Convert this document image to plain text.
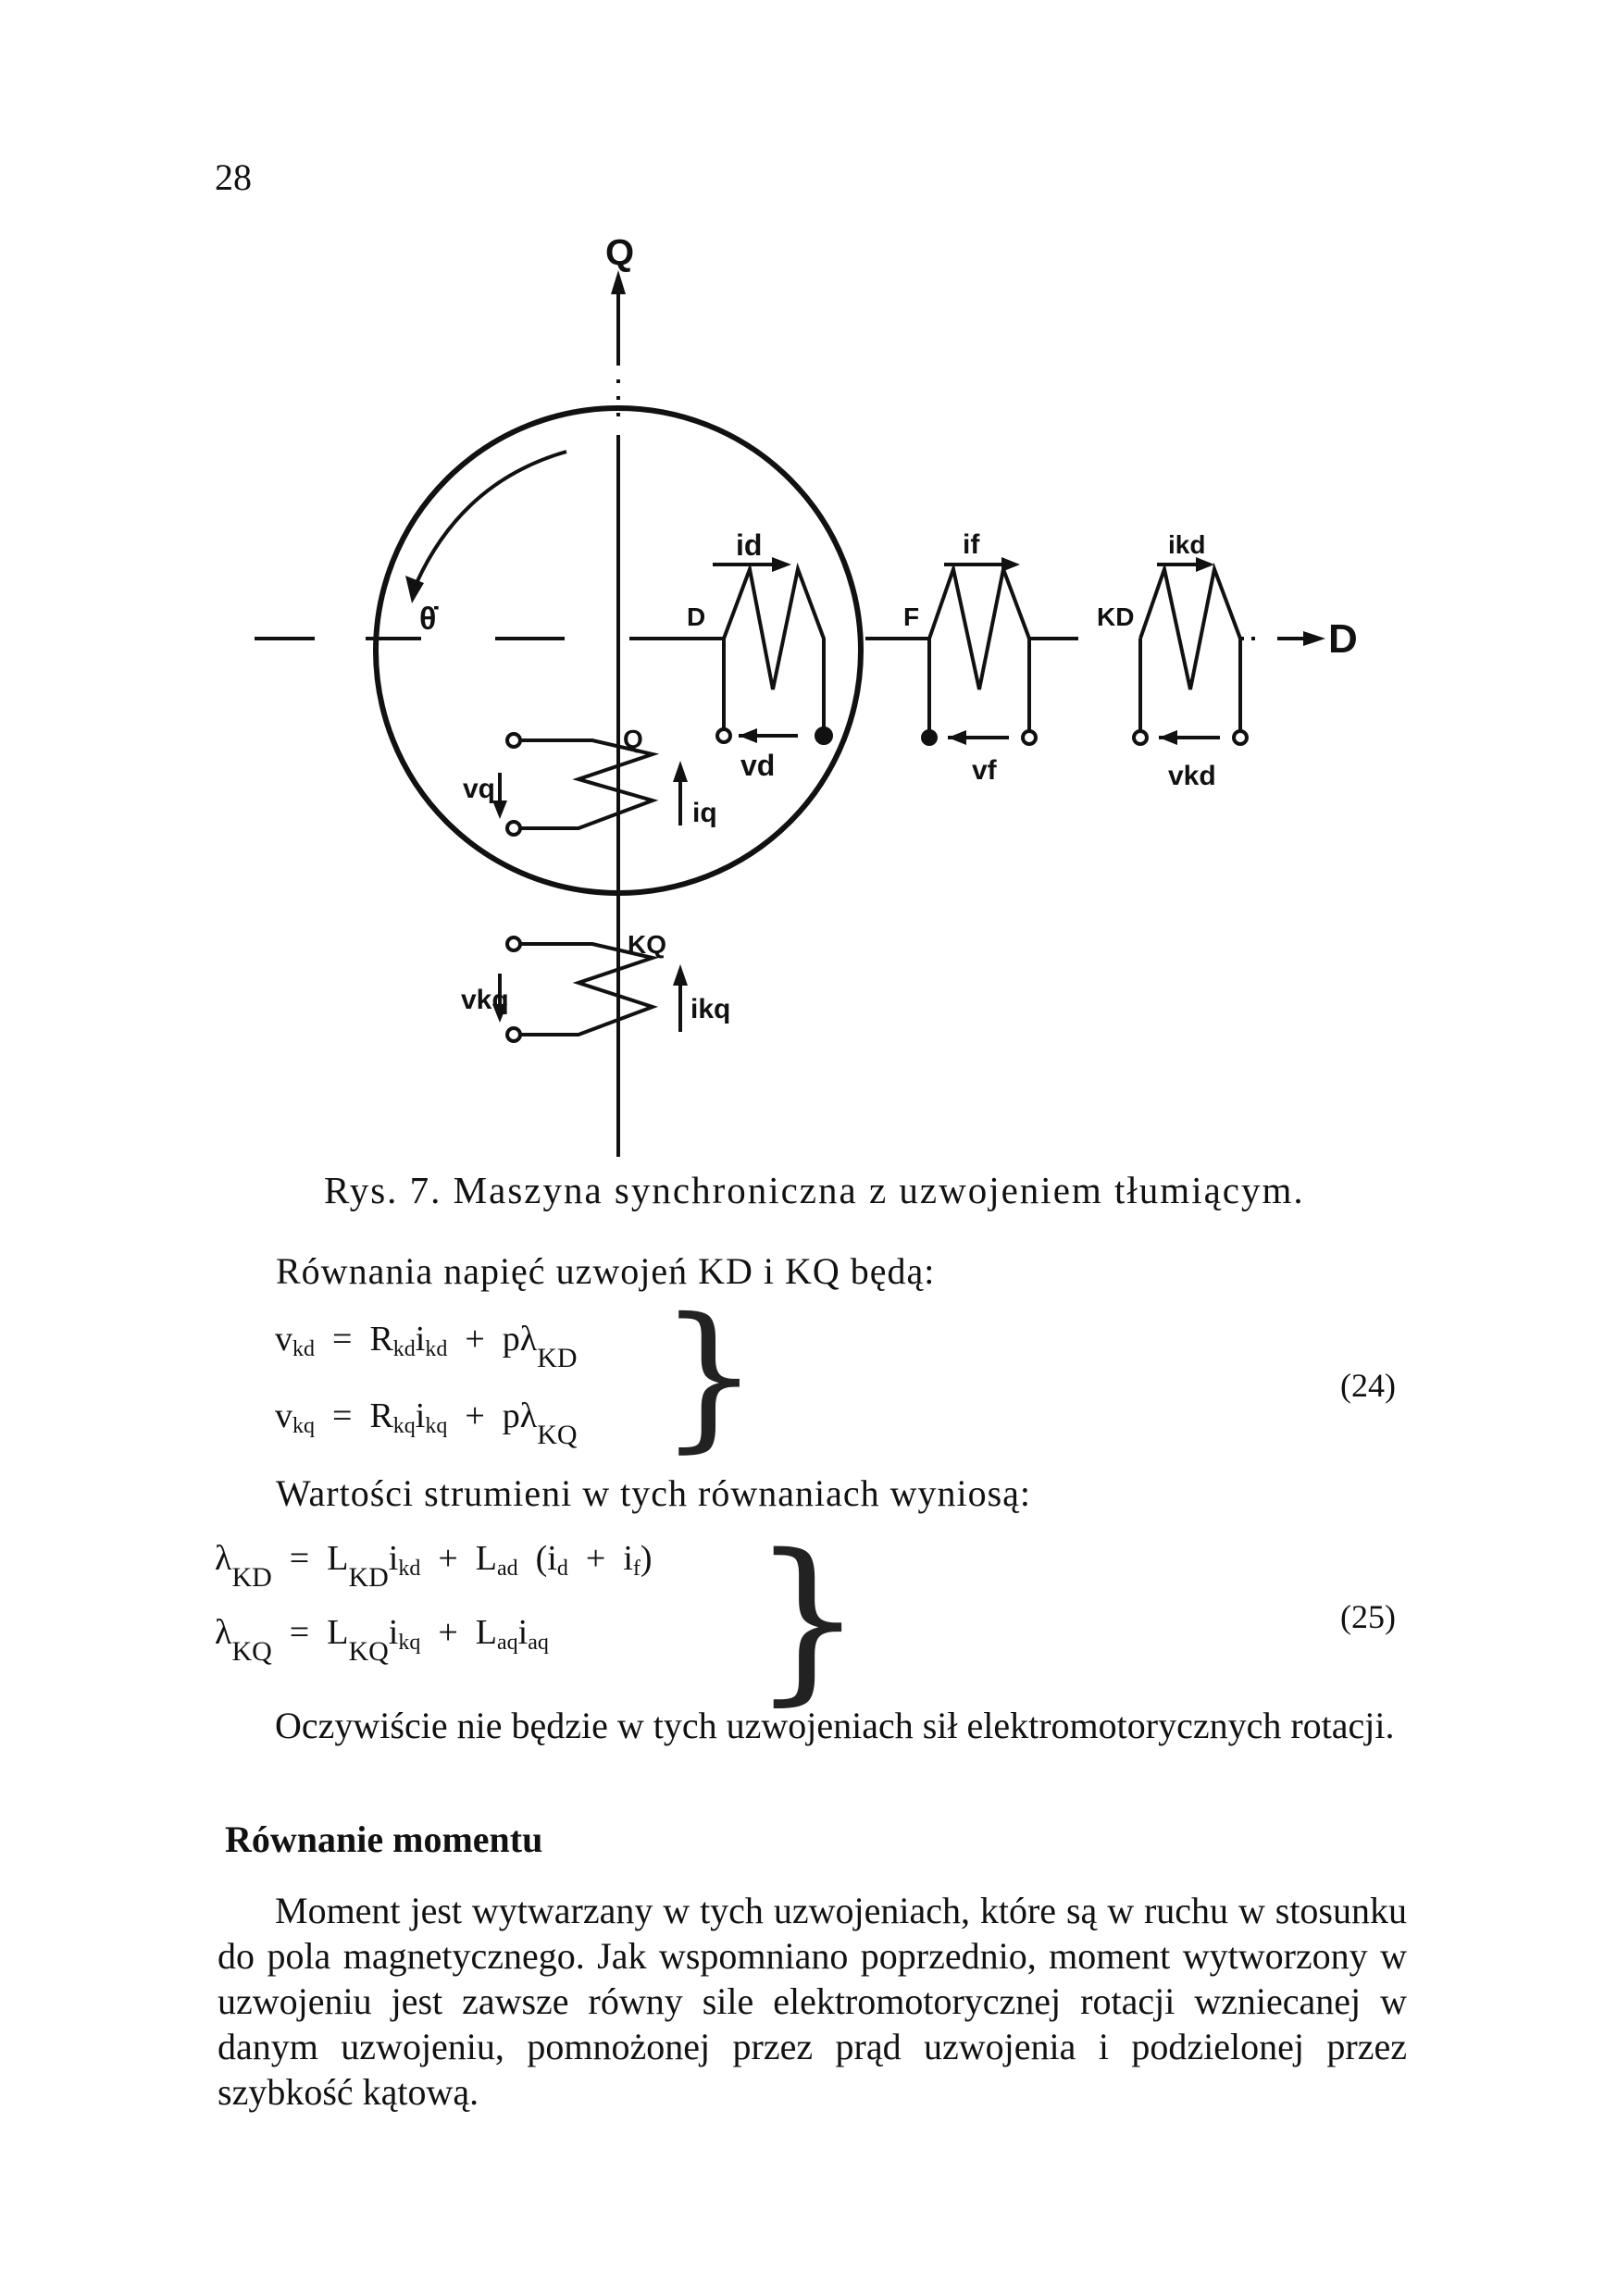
28
Q
D
θ̇	D
Q
F	KD
KQ
vq
iq
id
vd
if
vf
ikd
vkd
vkq	ikq
Rys. 7. Maszyna synchroniczna z uzwojeniem tłumiącym.
Równania napięć uzwojeń KD i KQ będą:
$v_{kd} = R_{kd}i_{kd} + p\lambda_{KD}$
$v_{kq} = R_{kq}i_{kq} + p\lambda_{KQ}$ }	(24)
Wartości strumieni w tych równaniach wyniosą:
$\lambda_{KD} = L_{KD}i_{kd} + L_{ad}$ $(i_d + i_f)$
$\lambda_{KQ} = L_{KQ}i_{kq} + L_{aq}i_{aq}$ }	(25)
Oczywiście nie będzie w tych uzwojeniach sił elektromotorycznych rotacji.
Równanie momentu
Moment jest wytwarzany w tych uzwojeniach, które są w ruchu w stosunku do pola magnetycznego. Jak wspomniano poprzednio, moment wytworzony w uzwojeniu jest zawsze równy sile elektromotorycznej rotacji wzniecanej w danym uzwojeniu, pomnożonej przez prąd uzwojenia i podzielonej przez szybkość kątową.
